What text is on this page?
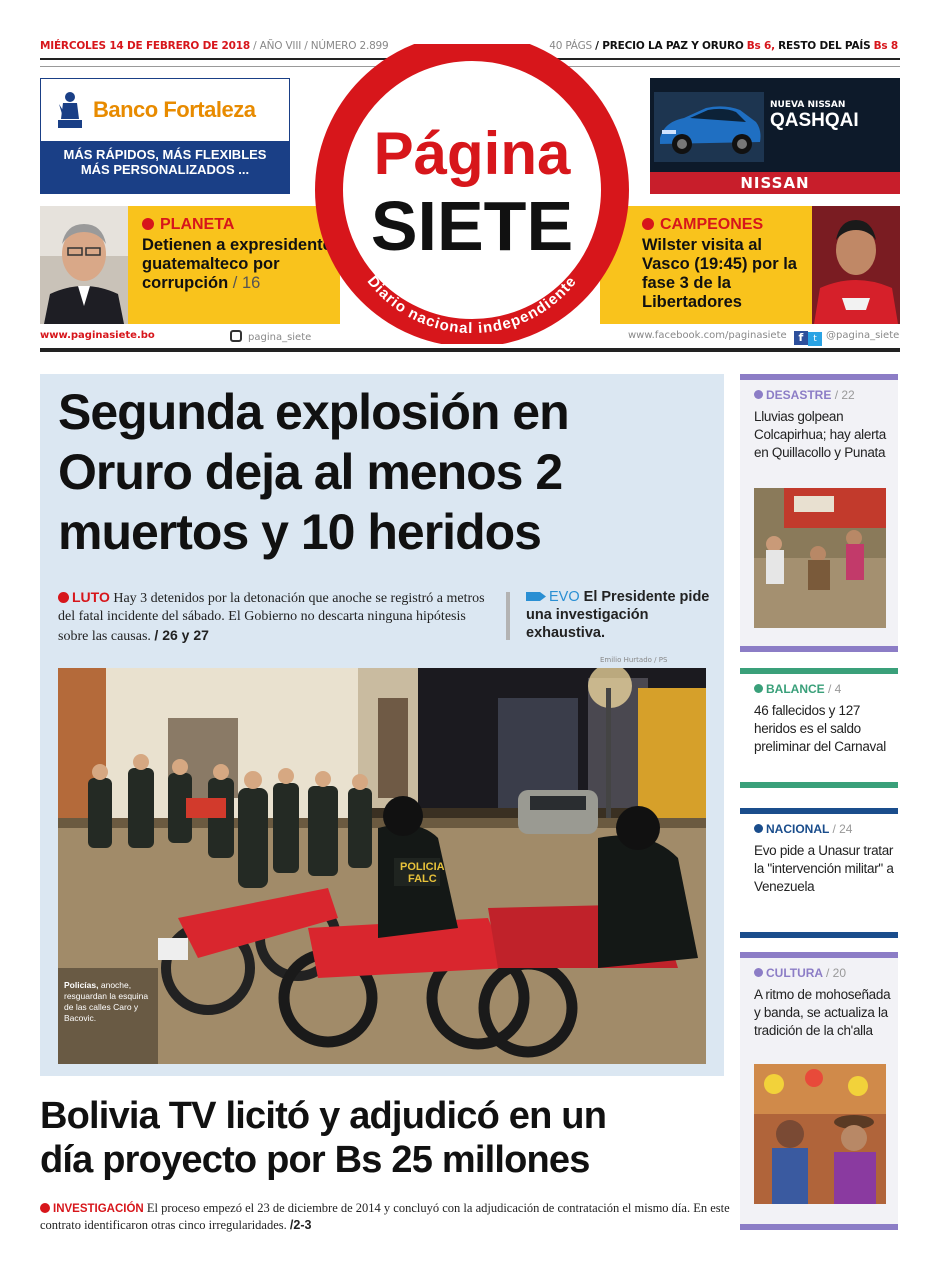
MIÉRCOLES 14 DE FEBRERO DE 2018 / AÑO VIII / NÚMERO 2.899	40 PÁGS / PRECIO LA PAZ Y ORURO Bs 6, RESTO DEL PAÍS Bs 8
Banco Fortaleza
MÁS RÁPIDOS, MÁS FLEXIBLES
MÁS PERSONALIZADOS ...
NUEVA NISSAN
QASHQAI
NISSAN
PLANETA
Detienen a expresidente guatemalteco por corrupción / 16
CAMPEONES
Wilster visita al Vasco (19:45) por la fase 3 de la Libertadores
Página
SIETE
Diario nacional independiente
www.paginasiete.bo	pagina_siete	www.facebook.com/paginasiete f	t @pagina_siete
Segunda explosión en
Oruro deja al menos 2
muertos y 10 heridos
LUTO Hay 3 detenidos por la detonación que anoche se registró a metros del fatal incidente del sábado. El Gobierno no descarta ninguna hipótesis sobre las causas. / 26 y 27
EVO El Presidente pide una investigación exhaustiva.
Emilio Hurtado / PS
POLICIA
FALC
Policías, anoche, resguardan la esquina de las calles Caro y Bacovic.
Bolivia TV licitó y adjudicó en un
día proyecto por Bs 25 millones
INVESTIGACIÓN El proceso empezó el 23 de diciembre de 2014 y concluyó con la adjudicación de contratación el mismo día. En este contrato identificaron otras cinco irregularidades. /2-3
DESASTRE / 22
Lluvias golpean Colcapirhua; hay alerta en Quillacollo y Punata
BALANCE / 4
46 fallecidos y 127 heridos es el saldo preliminar del Carnaval
NACIONAL / 24
Evo pide a Unasur tratar la "intervención militar" a Venezuela
CULTURA / 20
A ritmo de mohoseñada y banda, se actualiza la tradición de la ch'alla
